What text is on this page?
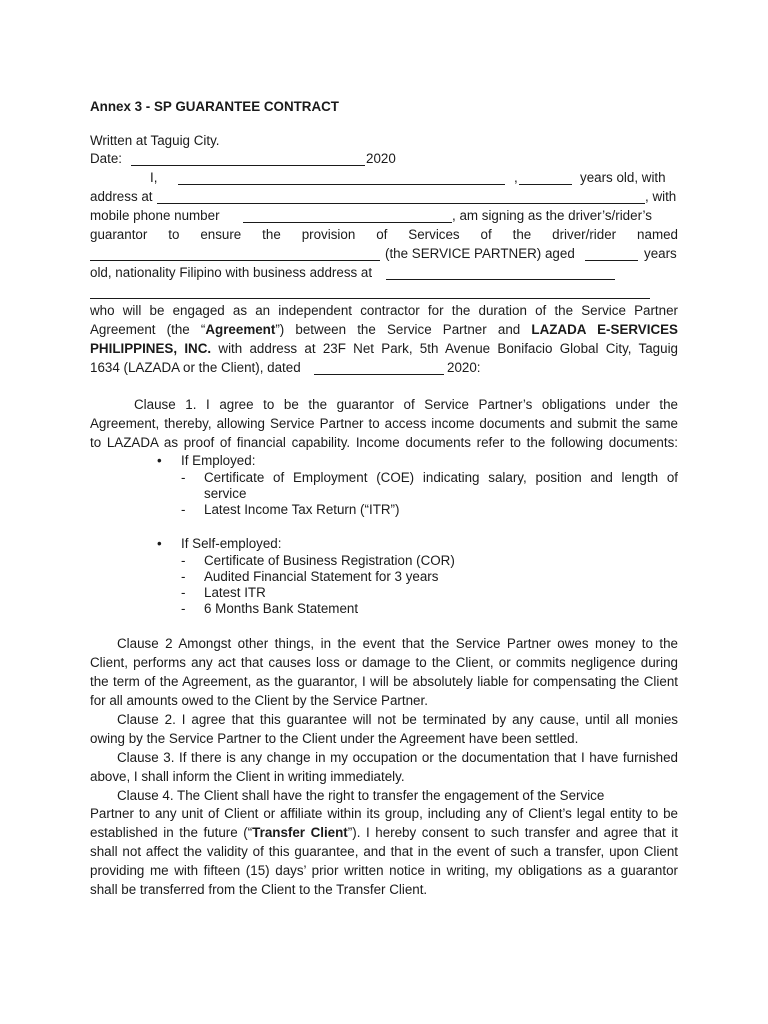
Annex 3 - SP GUARANTEE CONTRACT
Written at Taguig City.
Date:	2020
I,	,	years old, with
address at	, with
mobile phone number	, am signing as the driver’s/rider’s
guarantor to ensure the provision of Services of the driver/rider named
(the SERVICE PARTNER) aged	years
old, nationality Filipino with business address at
who will be engaged as an independent contractor for the duration of the Service Partner
Agreement (the “Agreement”) between the Service Partner and LAZADA E-SERVICES
PHILIPPINES, INC. with address at 23F Net Park, 5th Avenue Bonifacio Global City, Taguig
1634 (LAZADA or the Client), dated	2020:
Clause 1. I agree to be the guarantor of Service Partner’s obligations under the
Agreement, thereby, allowing Service Partner to access income documents and submit the same
to LAZADA as proof of financial capability. Income documents refer to the following documents:
• If Employed:
- Certificate of Employment (COE) indicating salary, position and length of
service
- Latest Income Tax Return (“ITR”)
• If Self-employed:
- Certificate of Business Registration (COR)
- Audited Financial Statement for 3 years
- Latest ITR
- 6 Months Bank Statement
Clause 2 Amongst other things, in the event that the Service Partner owes money to the
Client, performs any act that causes loss or damage to the Client, or commits negligence during
the term of the Agreement, as the guarantor, I will be absolutely liable for compensating the Client
for all amounts owed to the Client by the Service Partner.
Clause 2. I agree that this guarantee will not be terminated by any cause, until all monies
owing by the Service Partner to the Client under the Agreement have been settled.
Clause 3. If there is any change in my occupation or the documentation that I have furnished
above, I shall inform the Client in writing immediately.
Clause 4. The Client shall have the right to transfer the engagement of the Service
Partner to any unit of Client or affiliate within its group, including any of Client’s legal entity to be
established in the future (“Transfer Client”). I hereby consent to such transfer and agree that it
shall not affect the validity of this guarantee, and that in the event of such a transfer, upon Client
providing me with fifteen (15) days’ prior written notice in writing, my obligations as a guarantor
shall be transferred from the Client to the Transfer Client.
